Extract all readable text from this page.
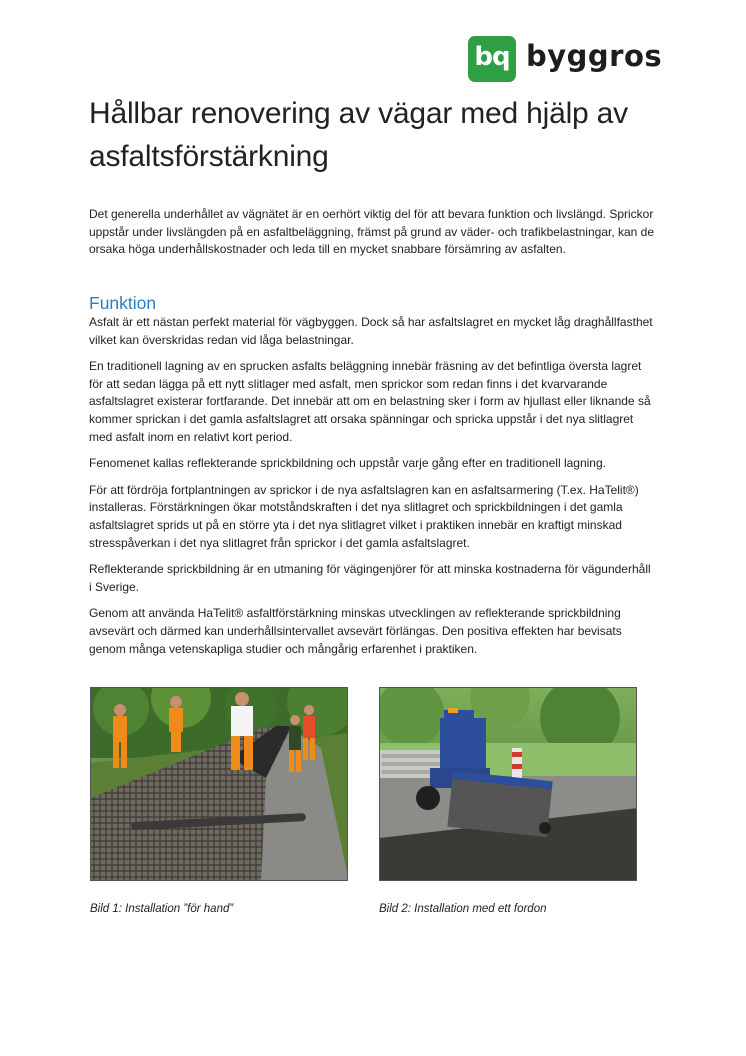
bq byggros
Hållbar renovering av vägar med hjälp av asfaltsförstärkning

Det generella underhållet av vägnätet är en oerhört viktig del för att bevara funktion och livslängd. Sprickor uppstår under livslängden på en asfaltbeläggning, främst på grund av väder- och trafikbelastningar, kan de orsaka höga underhållskostnader och leda till en mycket snabbare försämring av asfalten.

Funktion

Asfalt är ett nästan perfekt material för vägbyggen. Dock så har asfaltslagret en mycket låg draghållfasthet vilket kan överskridas redan vid låga belastningar.

En traditionell lagning av en sprucken asfalts beläggning innebär fräsning av det befintliga översta lagret för att sedan lägga på ett nytt slitlager med asfalt, men sprickor som redan finns i det kvarvarande asfaltslagret existerar fortfarande. Det innebär att om en belastning sker i form av hjullast eller liknande så kommer sprickan i det gamla asfaltslagret att orsaka spänningar och spricka uppstår i det nya slitlagret med asfalt inom en relativt kort period.

Fenomenet kallas reflekterande sprickbildning och uppstår varje gång efter en traditionell lagning.

För att fördröja fortplantningen av sprickor i de nya asfaltslagren kan en asfaltsarmering (T.ex. HaTelit®) installeras. Förstärkningen ökar motståndskraften i det nya slitlagret och sprickbildningen i det gamla asfaltslagret sprids ut på en större yta i det nya slitlagret vilket i praktiken innebär en kraftigt minskad stresspåverkan i det nya slitlagret från sprickor i det gamla asfaltslagret.

Reflekterande sprickbildning är en utmaning för vägingenjörer för att minska kostnaderna för vägunderhåll i Sverige.

Genom att använda HaTelit® asfaltförstärkning minskas utvecklingen av reflekterande sprickbildning avsevärt och därmed kan underhållsintervallet avsevärt förlängas. Den positiva effekten har bevisats genom många vetenskapliga studier och mångårig erfarenhet i praktiken.

Bild 1: Installation ”för hand”	Bild 2: Installation med ett fordon
